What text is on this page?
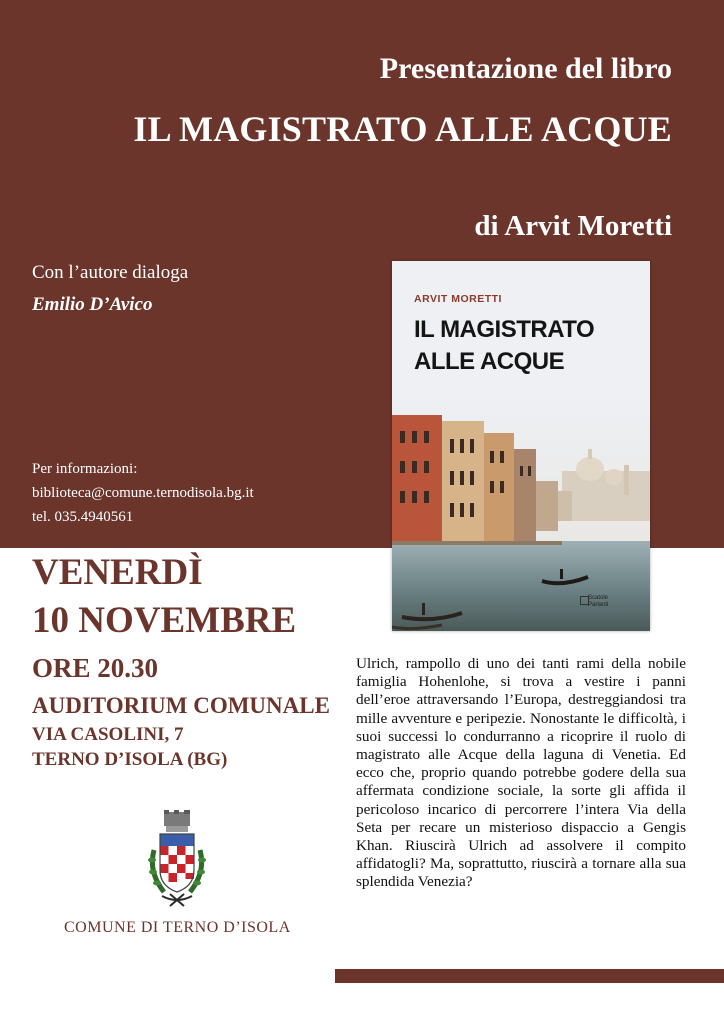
Presentazione del libro
IL MAGISTRATO ALLE ACQUE
di Arvit Moretti
Con l’autore dialoga
Emilio D’Avico
Per informazioni:
biblioteca@comune.ternodisola.bg.it
tel. 035.4940561
VENERDÌ
10 NOVEMBRE
ORE 20.30
AUDITORIUM COMUNALE
VIA CASOLINI, 7
TERNO D’ISOLA (BG)
ARVIT MORETTI
IL MAGISTRATO
ALLE ACQUE
Scatole
Parlanti
Ulrich, rampollo di uno dei tanti rami della nobile famiglia Hohenlohe, si trova a vestire i panni dell’eroe attraversando l’Europa, destreggiandosi tra mille avventure e peripezie. Nonostante le difficoltà, i suoi successi lo condurranno a ricoprire il ruolo di magistrato alle Acque della laguna di Venetia. Ed ecco che, proprio quando potrebbe godere della sua affermata condizione sociale, la sorte gli affida il pericoloso incarico di percorrere l’intera Via della Seta per recare un misterioso dispaccio a Gengis Khan. Riuscirà Ulrich ad assolvere il compito affidatogli? Ma, soprattutto, riuscirà a tornare alla sua splendida Venezia?
COMUNE DI TERNO D’ISOLA
